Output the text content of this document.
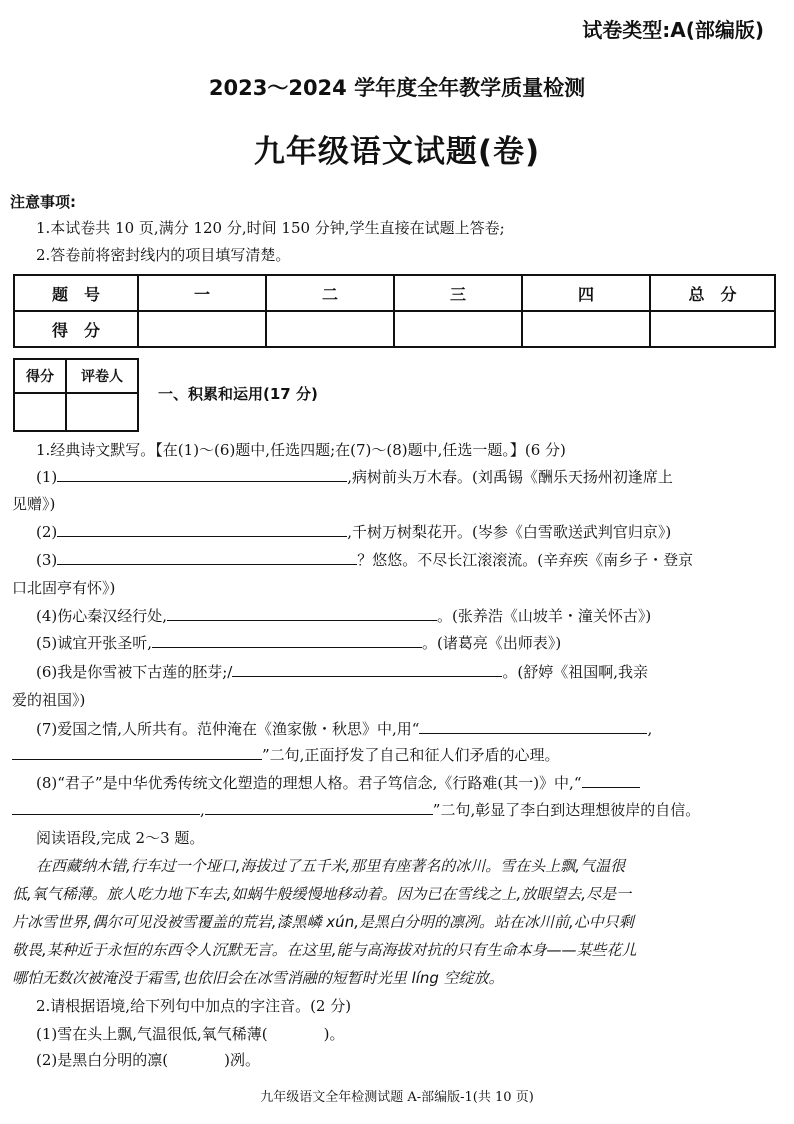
试卷类型:A(部编版)
2023～2024 学年度全年教学质量检测
九年级语文试题(卷)
注意事项:
1.本试卷共 10 页,满分 120 分,时间 150 分钟,学生直接在试题上答卷;
2.答卷前将密封线内的项目填写清楚。
题　号	一	二	三	四	总　分
得　分					
得分	评卷人

一、积累和运用(17 分)
1.经典诗文默写。【在(1)～(6)题中,任选四题;在(7)～(8)题中,任选一题。】(6 分)
(1)	,病树前头万木春。(刘禹锡《酬乐天扬州初逢席上
见赠》)
(2)	,千树万树梨花开。(岑参《白雪歌送武判官归京》)
(3)	？悠悠。不尽长江滚滚流。(辛弃疾《南乡子・登京
口北固亭有怀》)
(4)伤心秦汉经行处,	。(张养浩《山坡羊・潼关怀古》)
(5)诚宜开张圣听,	。(诸葛亮《出师表》)
(6)我是你雪被下古莲的胚芽;/	。(舒婷《祖国啊,我亲
爱的祖国》)
(7)爱国之情,人所共有。范仲淹在《渔家傲・秋思》中,用“	,
”二句,正面抒发了自己和征人们矛盾的心理。
(8)“君子”是中华优秀传统文化塑造的理想人格。君子笃信念,《行路难(其一)》中,“
,	”二句,彰显了李白到达理想彼岸的自信。
阅读语段,完成 2～3 题。
在西藏纳木错,行车过一个垭口,海拔过了五千米,那里有座著名的冰川。雪在头上飘,气温很
低,氧气稀薄。旅人吃力地下车去,如蜗牛般缓慢地移动着。因为已在雪线之上,放眼望去,尽是一
片冰雪世界,偶尔可见没被雪覆盖的荒岩,漆黑嶙 xún,是黑白分明的凛冽。站在冰川前,心中只剩
敬畏,某种近于永恒的东西令人沉默无言。在这里,能与高海拔对抗的只有生命本身——某些花儿
哪怕无数次被淹没于霜雪,也依旧会在冰雪消融的短暂时光里 líng 空绽放。
2.请根据语境,给下列句中加点的字注音。(2 分)
(1)雪在头上飘,气温很低,氧气稀薄(	)。
(2)是黑白分明的凛(	)冽。
九年级语文全年检测试题 A-部编版-1(共 10 页)
